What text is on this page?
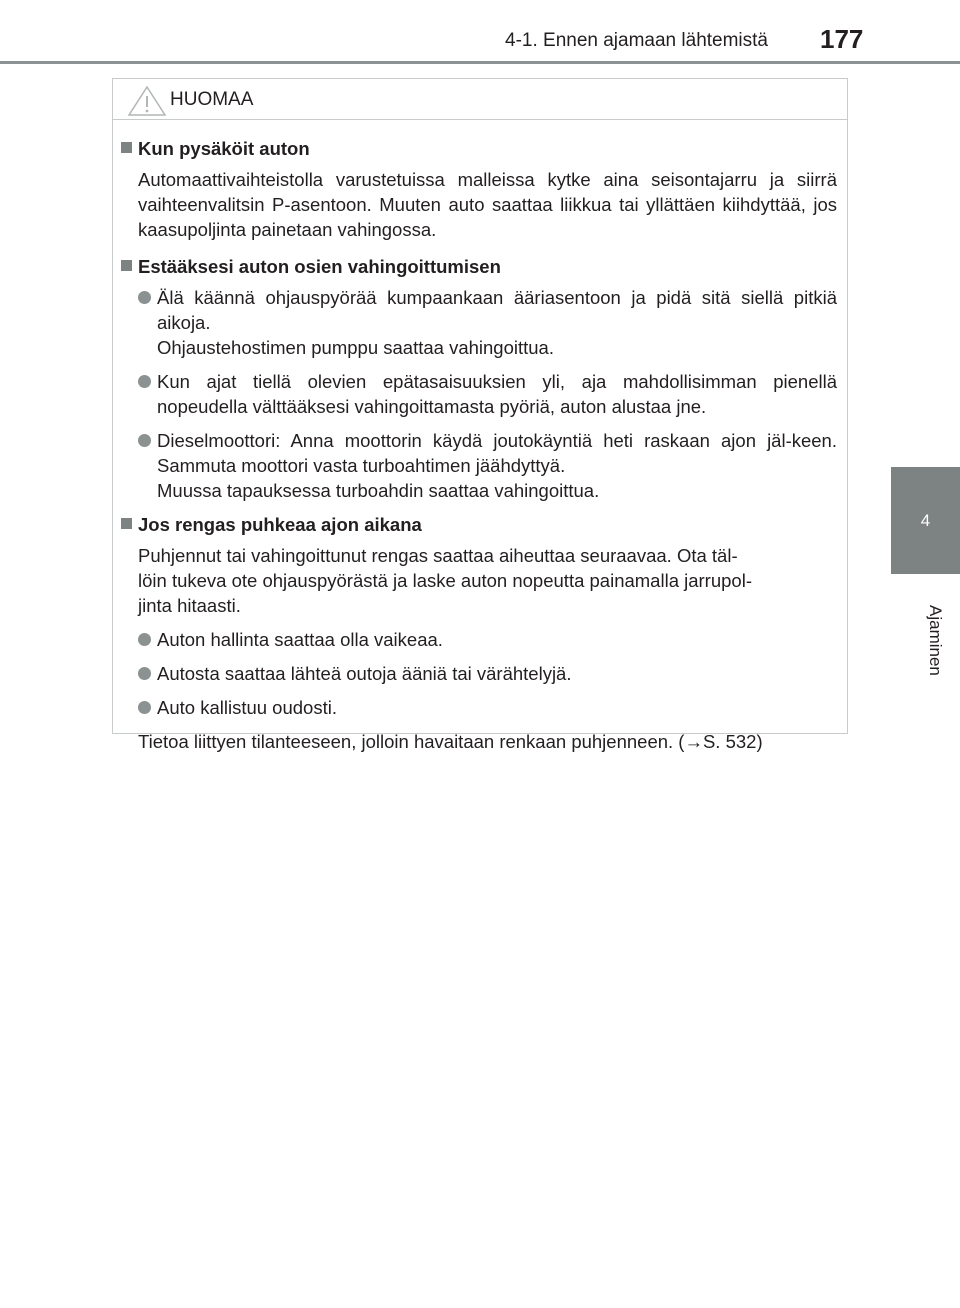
4-1. Ennen ajamaan lähtemistä	177
4
Ajaminen
HUOMAA
Kun pysäköit auton
Automaattivaihteistolla varustetuissa malleissa kytke aina seisontajarru ja siirrä vaihteenvalitsin P-asentoon. Muuten auto saattaa liikkua tai yllättäen kiihdyttää, jos kaasupoljinta painetaan vahingossa.
Estääksesi auton osien vahingoittumisen
Älä käännä ohjauspyörää kumpaankaan ääriasentoon ja pidä sitä siellä pitkiä aikoja.
Ohjaustehostimen pumppu saattaa vahingoittua.
Kun ajat tiellä olevien epätasaisuuksien yli, aja mahdollisimman pienellä nopeudella välttääksesi vahingoittamasta pyöriä, auton alustaa jne.
Dieselmoottori: Anna moottorin käydä joutokäyntiä heti raskaan ajon jäl-keen. Sammuta moottori vasta turboahtimen jäähdyttyä.
Muussa tapauksessa turboahdin saattaa vahingoittua.
Jos rengas puhkeaa ajon aikana
Puhjennut tai vahingoittunut rengas saattaa aiheuttaa seuraavaa. Ota täl-
löin tukeva ote ohjauspyörästä ja laske auton nopeutta painamalla jarrupol-
jinta hitaasti.
Auton hallinta saattaa olla vaikeaa.
Autosta saattaa lähteä outoja ääniä tai värähtelyjä.
Auto kallistuu oudosti.
Tietoa liittyen tilanteeseen, jolloin havaitaan renkaan puhjenneen. (→S. 532)
